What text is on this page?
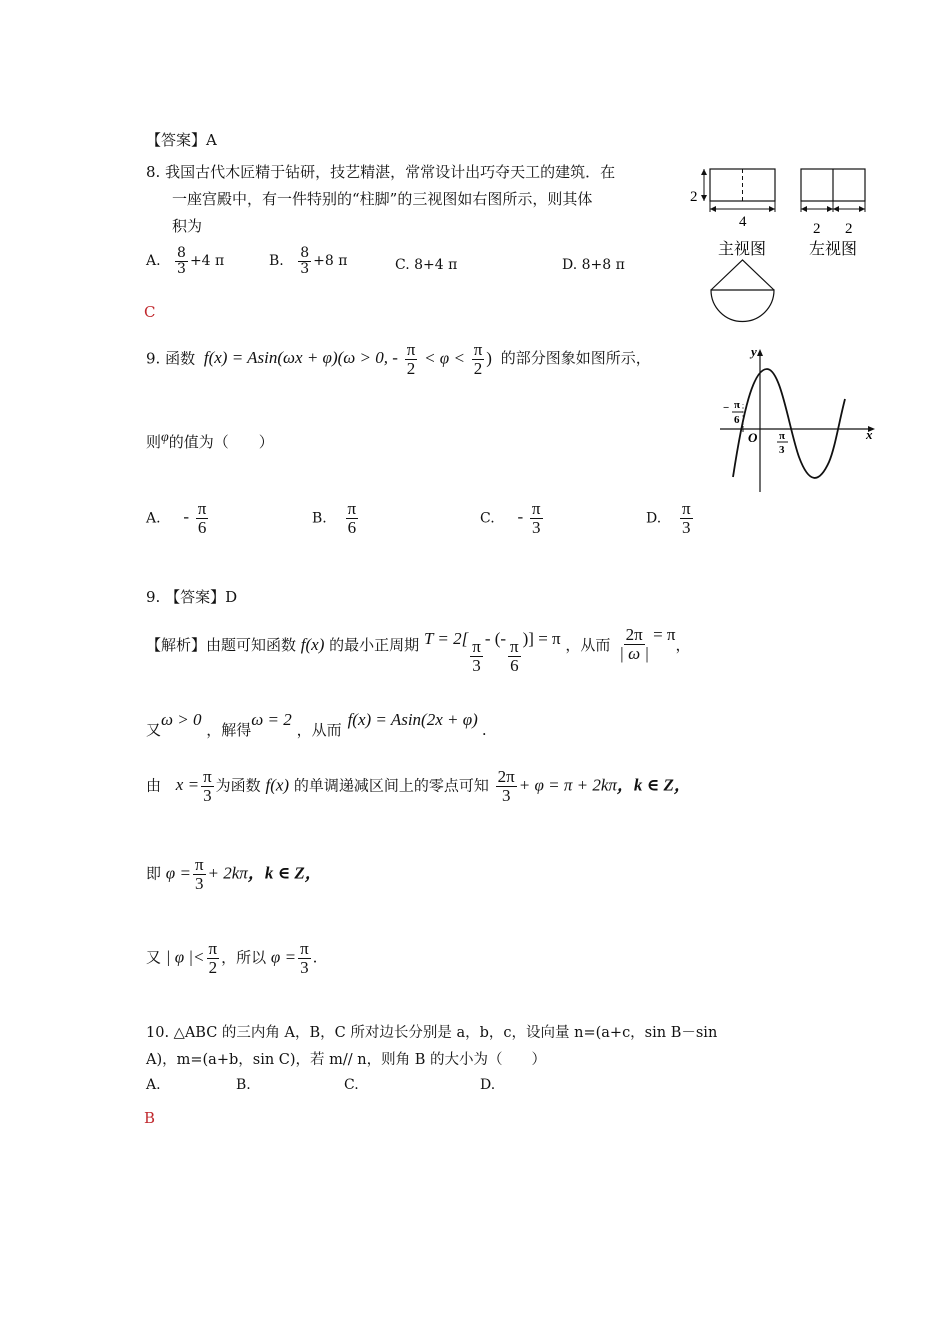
【答案】A
8. 我国古代木匠精于钻研，技艺精湛，常常设计出巧夺天工的建筑．在
一座宫殿中，有一件特别的“柱脚”的三视图如右图所示，则其体
积为
A. $\frac{8}{3} +4$ π	B. $\frac{8}{3} +8$ π	C. 8+4 π	D. 8+8 π
C
2
4
主视图
2 2
左视图
9. 函数 f(x) = Asin(ωx + φ)(ω > 0, - $\frac{\pi}{2} < \varphi < \frac{\pi}{2}$ ) 的部分图象如图所示，
则φ的值为（　　）
A. - $\frac{\pi}{6}$	B. $\frac{\pi}{6}$	C. - $\frac{\pi}{3}$	D. $\frac{\pi}{3}$
x
y
O
− π
6
π
3
9. 【答案】D
【解析】由题可知函数 f(x) 的最小正周期 $T = 2[ \frac{\pi}{3}$ - (- $\frac{\pi}{6}$ )] = π ，从而 $\frac{2\pi}{| \omega |} = \pi$，
又ω > 0 ，解得ω = 2 ，从而f(x) = Asin(2x + φ).
由 $x = \frac{\pi}{3}$ 为函数 f(x) 的单调递减区间上的零点可知 $\frac{2\pi}{3} + \varphi = \pi + 2k\pi$，k ∈ Z，
即 $\varphi = \frac{\pi}{3} + 2k\pi$，k ∈ Z，
又 | φ |< $\frac{\pi}{2}$ ，所以 $\varphi = \frac{\pi}{3}$ .
10. △ABC 的三内角 A，B，C 所对边长分别是 a，b，c，设向量 n=(a+c，sin B－sin
A)，m=(a+b，sin C)，若 m// n，则角 B 的大小为（　　）
A.	B.	C.	D.
B
